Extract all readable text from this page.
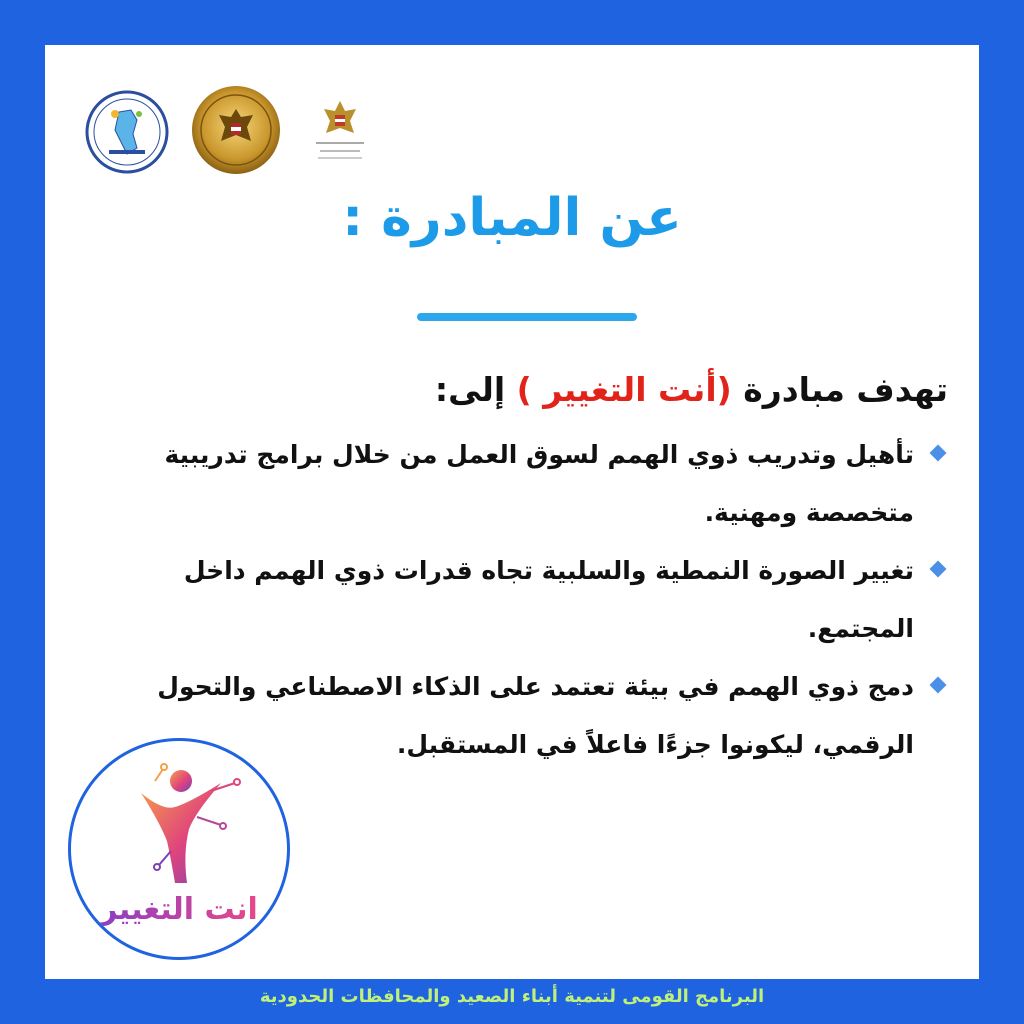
عن المبادرة :

تهدف مبادرة (أنت التغيير ) إلى:

تأهيل وتدريب ذوي الهمم لسوق العمل من خلال برامج تدريبية متخصصة ومهنية.
تغيير الصورة النمطية والسلبية تجاه قدرات ذوي الهمم داخل المجتمع.
دمج ذوي الهمم في بيئة تعتمد على الذكاء الاصطناعي والتحول الرقمي، ليكونوا جزءًا فاعلاً في المستقبل.
انت التغيير
البرنامج القومى لتنمية أبناء الصعيد والمحافظات الحدودية
